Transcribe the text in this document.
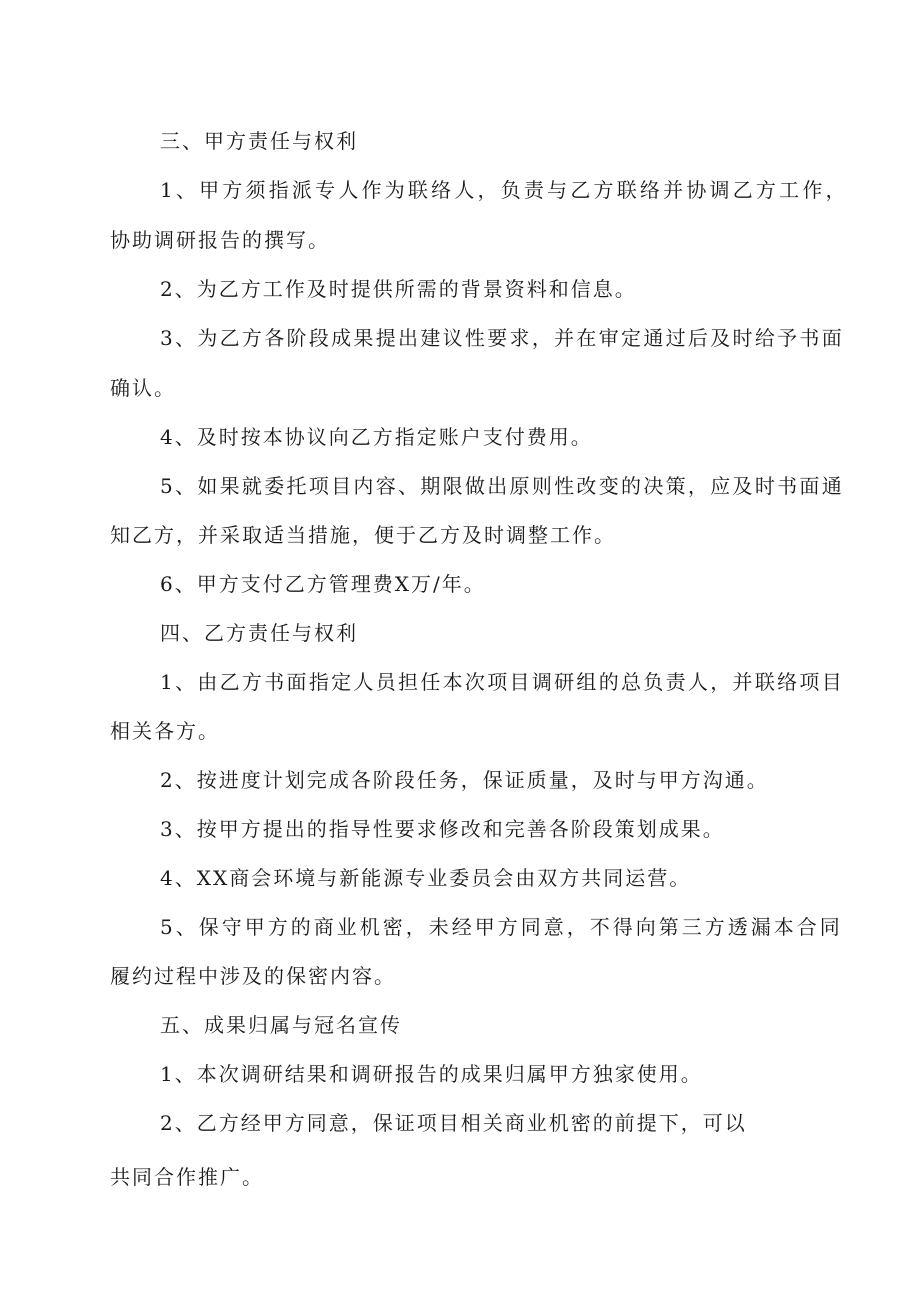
三、甲方责任与权利
1、甲方须指派专人作为联络人，负责与乙方联络并协调乙方工作，
协助调研报告的撰写。
2、为乙方工作及时提供所需的背景资料和信息。
3、为乙方各阶段成果提出建议性要求，并在审定通过后及时给予书面
确认。
4、及时按本协议向乙方指定账户支付费用。
5、如果就委托项目内容、期限做出原则性改变的决策，应及时书面通
知乙方，并采取适当措施，便于乙方及时调整工作。
6、甲方支付乙方管理费X万/年。
四、乙方责任与权利
1、由乙方书面指定人员担任本次项目调研组的总负责人，并联络项目
相关各方。
2、按进度计划完成各阶段任务，保证质量，及时与甲方沟通。
3、按甲方提出的指导性要求修改和完善各阶段策划成果。
4、XX商会环境与新能源专业委员会由双方共同运营。
5、保守甲方的商业机密，未经甲方同意，不得向第三方透漏本合同
履约过程中涉及的保密内容。
五、成果归属与冠名宣传
1、本次调研结果和调研报告的成果归属甲方独家使用。
2、乙方经甲方同意，保证项目相关商业机密的前提下，可以
共同合作推广。
